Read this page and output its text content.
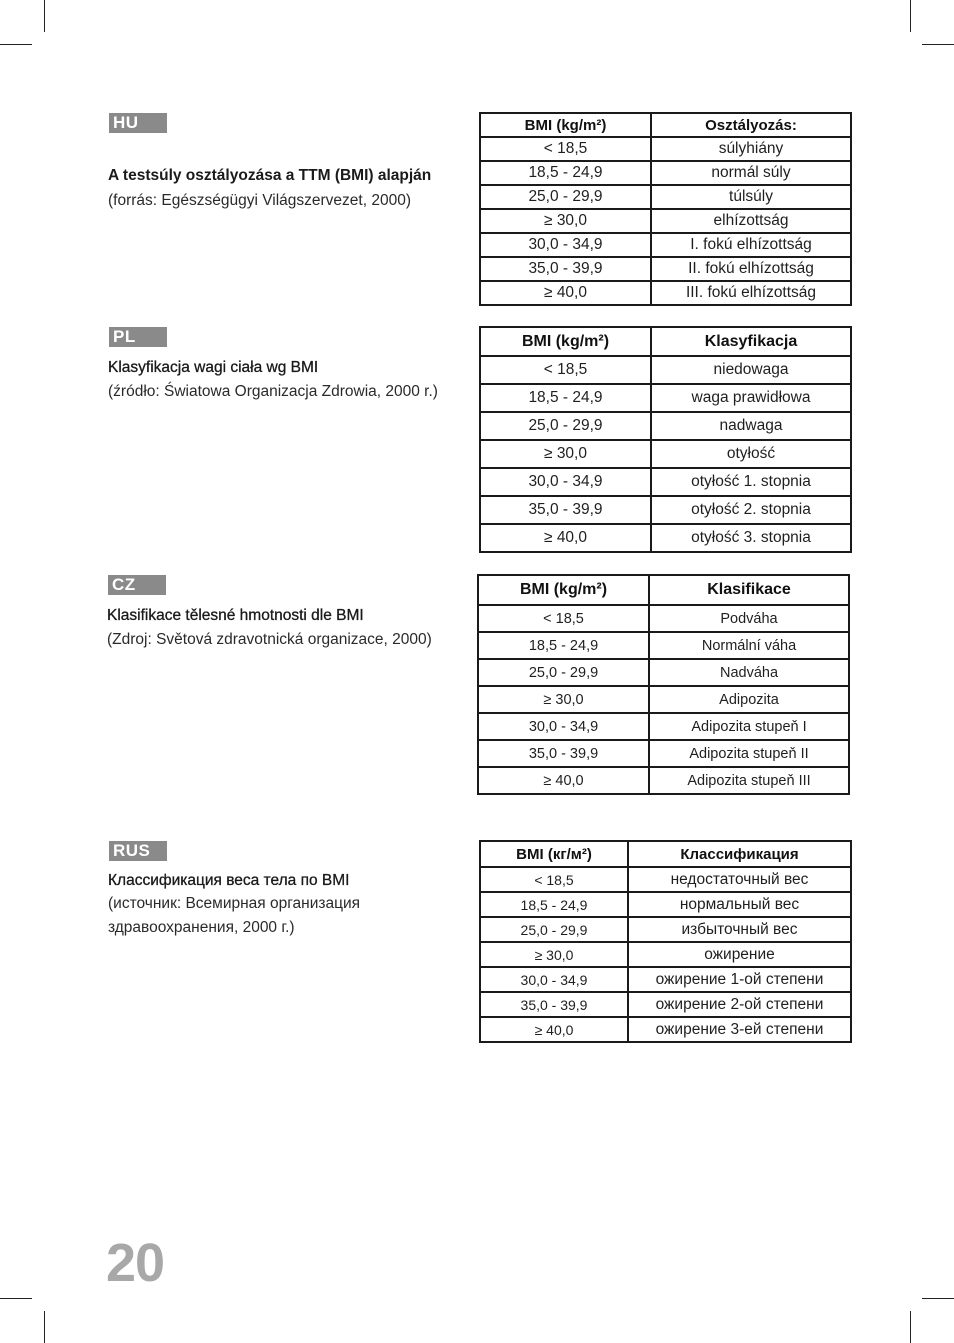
HU
A testsúly osztályozása a TTM (BMI) alapján
(forrás: Egészségügyi Világszervezet, 2000)
BMI (kg/m²)	Osztályozás:
< 18,5	súlyhiány
18,5 - 24,9	normál súly
25,0 - 29,9	túlsúly
≥ 30,0	elhízottság
30,0 - 34,9	I. fokú elhízottság
35,0 - 39,9	II. fokú elhízottság
≥ 40,0	III. fokú elhízottság
PL
Klasyfikacja wagi ciała wg BMI
(źródło: Światowa Organizacja Zdrowia, 2000 r.)
BMI (kg/m²)	Klasyfikacja
< 18,5	niedowaga
18,5 - 24,9	waga prawidłowa
25,0 - 29,9	nadwaga
≥ 30,0	otyłość
30,0 - 34,9	otyłość 1. stopnia
35,0 - 39,9	otyłość 2. stopnia
≥ 40,0	otyłość 3. stopnia
CZ
Klasifikace tělesné hmotnosti dle BMI
(Zdroj: Světová zdravotnická organizace, 2000)
BMI (kg/m²)	Klasifikace
< 18,5	Podváha
18,5 - 24,9	Normální váha
25,0 - 29,9	Nadváha
≥ 30,0	Adipozita
30,0 - 34,9	Adipozita stupeň I
35,0 - 39,9	Adipozita stupeň II
≥ 40,0	Adipozita stupeň III
RUS
Классификация веса тела по BMI
(источник: Всемирная организация
здравоохранения, 2000 г.)
BMI (кг/м²)	Классификация
< 18,5	недостаточный вес
18,5 - 24,9	нормальный вес
25,0 - 29,9	избыточный вес
≥ 30,0	ожирение
30,0 - 34,9	ожирение 1-ой степени
35,0 - 39,9	ожирение 2-ой степени
≥ 40,0	ожирение 3-ей степени
20
